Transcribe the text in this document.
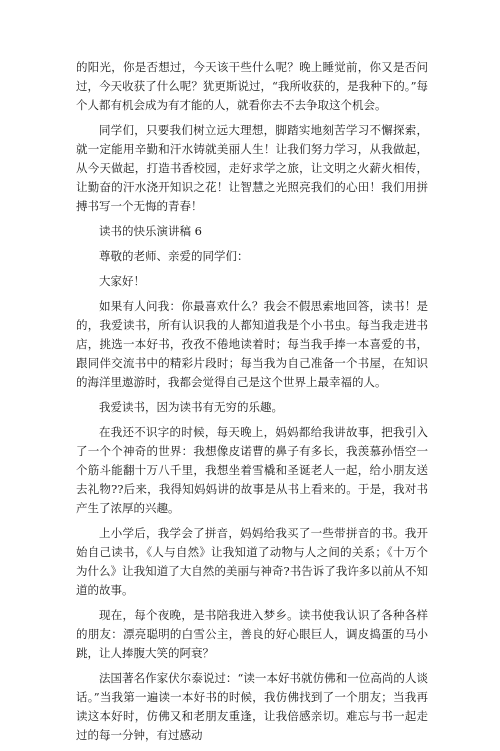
的阳光，你是否想过，今天该干些什么呢？晚上睡觉前，你又是否问过，今天收获了什么呢？犹更斯说过，“我所收获的，是我种下的。”每个人都有机会成为有才能的人，就看你去不去争取这个机会。

同学们，只要我们树立远大理想，脚踏实地刻苦学习不懈探索，就一定能用辛勤和汗水铸就美丽人生！让我们努力学习，从我做起，从今天做起，打造书香校园，走好求学之旅，让文明之火薪火相传，让勤奋的汗水浇开知识之花！让智慧之光照亮我们的心田！我们用拼搏书写一个无悔的青春！

读书的快乐演讲稿 6

尊敬的老师、亲爱的同学们：

大家好！

如果有人问我：你最喜欢什么？我会不假思索地回答，读书！是的，我爱读书，所有认识我的人都知道我是个小书虫。每当我走进书店，挑选一本好书，孜孜不倦地读着时；每当我手捧一本喜爱的书，跟同伴交流书中的精彩片段时；每当我为自己准备一个书屋，在知识的海洋里遨游时，我都会觉得自己是这个世界上最幸福的人。

我爱读书，因为读书有无穷的乐趣。

在我还不识字的时候，每天晚上，妈妈都给我讲故事，把我引入了一个个神奇的世界：我想像皮诺曹的鼻子有多长，我羡慕孙悟空一个筋斗能翻十万八千里，我想坐着雪橇和圣诞老人一起，给小朋友送去礼物??后来，我得知妈妈讲的故事是从书上看来的。于是，我对书产生了浓厚的兴趣。

上小学后，我学会了拼音，妈妈给我买了一些带拼音的书。我开始自己读书，《人与自然》让我知道了动物与人之间的关系；《十万个为什么》让我知道了大自然的美丽与神奇?书告诉了我许多以前从不知道的故事。

现在，每个夜晚，是书陪我进入梦乡。读书使我认识了各种各样的朋友：漂亮聪明的白雪公主，善良的好心眼巨人，调皮捣蛋的马小跳，让人捧腹大笑的阿衰？

法国著名作家伏尔泰说过：“读一本好书就仿佛和一位高尚的人谈话。”当我第一遍读一本好书的时候，我仿佛找到了一个朋友；当我再读这本好时，仿佛又和老朋友重逢，让我倍感亲切。难忘与书一起走过的每一分钟，有过感动
